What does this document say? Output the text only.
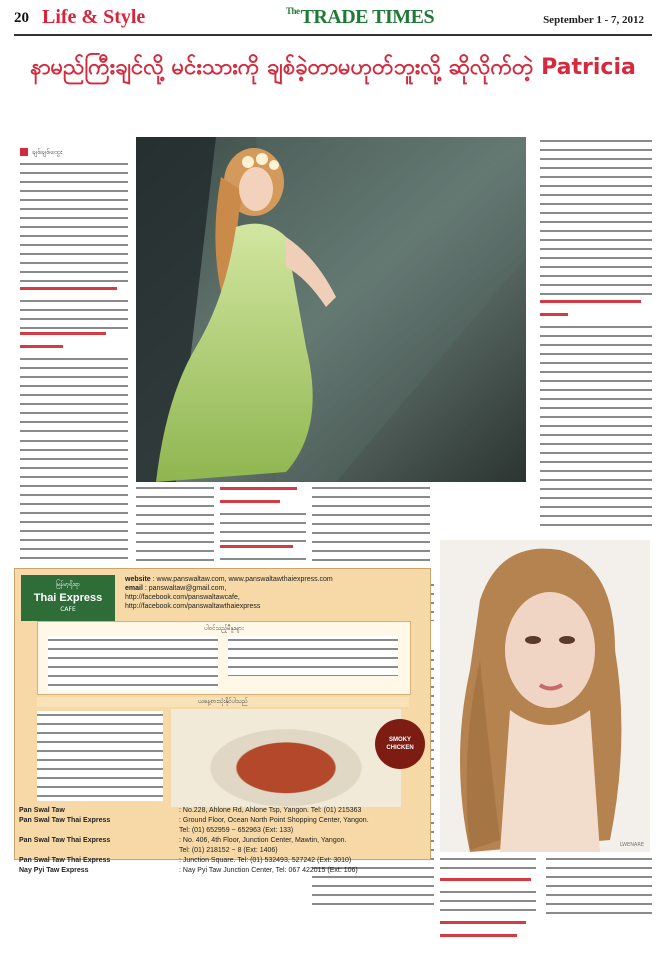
20 Life & Style	$^{The}$TRADE TIMES	September 1 - 7, 2012
နာမည်ကြီးချင်လို့ မင်းသားကို ချစ်ခဲ့တာမဟုတ်ဘူးလို့ ဆိုလိုက်တဲ့ Patricia
ချစ်ချစ်ထွေး
LWENARE
မြန်မာ့ရိုးရာ
Thai Express
CAFE
website : www.panswaltaw.com, www.panswaltawthaiexpress.com
email : panswaltaw@gmail.com,
http://facebook.com/panswaltawcafe,
http://facebook.com/panswaltawthaiexpress
ပါဝင်သည့်မီနူးများ
ယနေ့စားသုံးနိုင်ပါသည်
SMOKY CHICKEN
Pan Swal Taw	: No.228, Ahlone Rd, Ahlone Tsp, Yangon. Tel: (01) 215363
Pan Swal Taw Thai Express	: Ground Floor, Ocean North Point Shopping Center, Yangon.
Tel: (01) 652959 ~ 652963 (Ext: 133)
Pan Swal Taw Thai Express	: No. 406, 4th Floor, Junction Center, Mawtin, Yangon.
Tel: (01) 218152 ~ 8 (Ext: 1406)
Pan Swal Taw Thai Express	: Junction Square. Tel: (01) 532493, 527242 (Ext: 3010)
Nay Pyi Taw Express	: Nay Pyi Taw Junction Center, Tel: 067 422015 (Ext: 106)
